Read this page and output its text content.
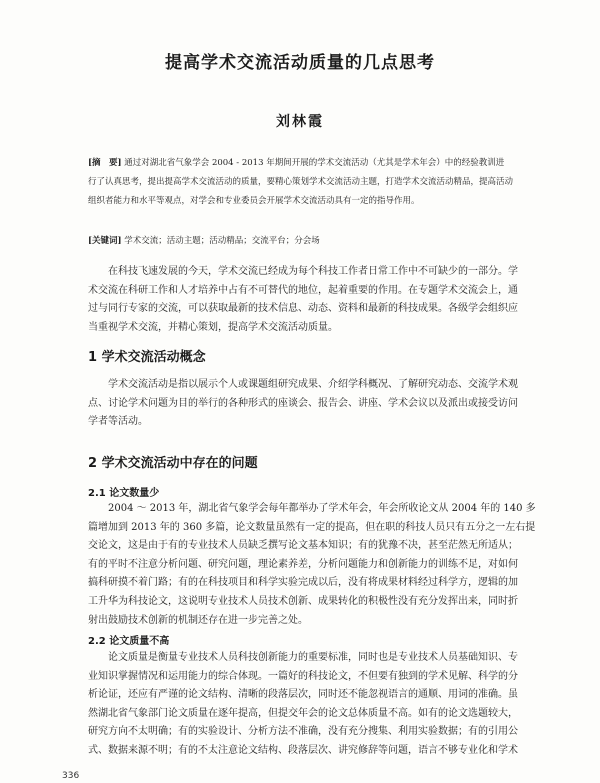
提高学术交流活动质量的几点思考
刘林霞
[摘　要] 通过对湖北省气象学会 2004 - 2013 年期间开展的学术交流活动（尤其是学术年会）中的经验教训进
行了认真思考，提出提高学术交流活动的质量，要精心策划学术交流活动主题，打造学术交流活动精品，提高活动
组织者能力和水平等观点，对学会和专业委员会开展学术交流活动具有一定的指导作用。
[关键词] 学术交流；活动主题；活动精品；交流平台；分会场
在科技飞速发展的今天，学术交流已经成为每个科技工作者日常工作中不可缺少的一部分。学
术交流在科研工作和人才培养中占有不可替代的地位，起着重要的作用。在专题学术交流会上，通
过与同行专家的交流，可以获取最新的技术信息、动态、资料和最新的科技成果。各级学会组织应
当重视学术交流，并精心策划，提高学术交流活动质量。
1 学术交流活动概念
学术交流活动是指以展示个人或课题组研究成果、介绍学科概况、了解研究动态、交流学术观
点、讨论学术问题为目的举行的各种形式的座谈会、报告会、讲座、学术会议以及派出或接受访问
学者等活动。
2 学术交流活动中存在的问题
2.1 论文数量少
2004 ～ 2013 年，湖北省气象学会每年都举办了学术年会，年会所收论文从 2004 年的 140 多
篇增加到 2013 年的 360 多篇，论文数量虽然有一定的提高，但在职的科技人员只有五分之一左右提
交论文，这是由于有的专业技术人员缺乏撰写论文基本知识；有的犹豫不决，甚至茫然无所适从；
有的平时不注意分析问题、研究问题，理论素养差，分析问题能力和创新能力的训练不足，对如何
搞科研摸不着门路；有的在科技项目和科学实验完成以后，没有将成果材料经过科学方，逻辑的加
工升华为科技论文，这说明专业技术人员技术创新、成果转化的积极性没有充分发挥出来，同时折
射出鼓励技术创新的机制还存在进一步完善之处。
2.2 论文质量不高
论文质量是衡量专业技术人员科技创新能力的重要标准，同时也是专业技术人员基础知识、专
业知识掌握情况和运用能力的综合体现。一篇好的科技论文，不但要有独到的学术见解、科学的分
析论证，还应有严谨的论文结构、清晰的段落层次，同时还不能忽视语言的通顺、用词的准确。虽
然湖北省气象部门论文质量在逐年提高，但提交年会的论文总体质量不高。如有的论文选题较大，
研究方向不太明确；有的实验设计、分析方法不准确，没有充分搜集、利用实验数据；有的引用公
式、数据来源不明；有的不太注意论文结构、段落层次、讲究修辞等问题，语言不够专业化和学术
336
